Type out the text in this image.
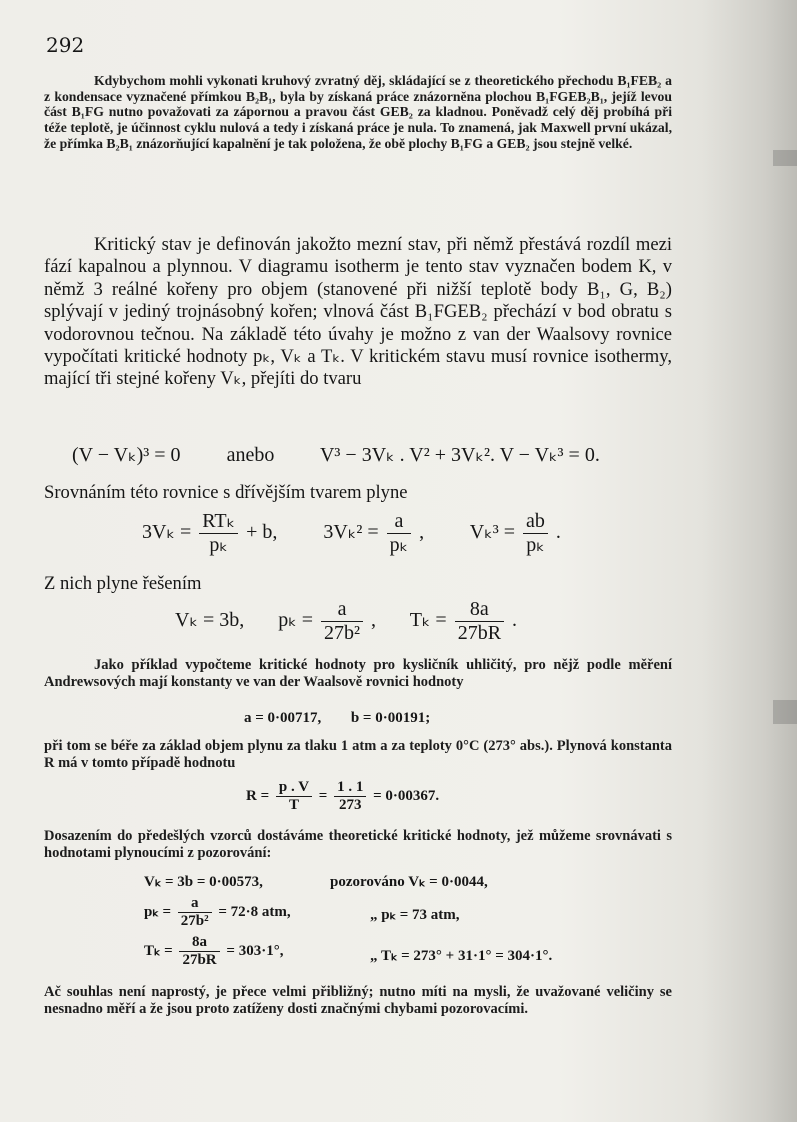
292

Kdybychom mohli vykonati kruhový zvratný děj, skládající se z theoretického přechodu B₁FEB₂ a z kondensace vyznačené přímkou B₂B₁, byla by získaná práce znázorněna plochou B₁FGEB₂B₁, jejíž levou část B₁FG nutno považovati za zápornou a pravou část GEB₂ za kladnou. Poněvadž celý děj probíhá při téže teplotě, je účinnost cyklu nulová a tedy i získaná práce je nula. To znamená, jak Maxwell první ukázal, že přímka B₂B₁ znázorňující kapalnění je tak položena, že obě plochy B₁FG a GEB₂ jsou stejně velké.

Kritický stav je definován jakožto mezní stav, při němž přestává rozdíl mezi fází kapalnou a plynnou. V diagramu isotherm je tento stav vyznačen bodem K, v němž 3 reálné kořeny pro objem (stanovené při nižší teplotě body B₁, G, B₂) splývají v jediný trojnásobný kořen; vlnová část B₁FGEB₂ přechází v bod obratu s vodorovnou tečnou. Na základě této úvahy je možno z van der Waalsovy rovnice vypočítati kritické hodnoty pₖ, Vₖ a Tₖ. V kritickém stavu musí rovnice isothermy, mající tři stejné kořeny Vₖ, přejíti do tvaru

(V − Vₖ)³ = 0 anebo V³ − 3Vₖ . V² + 3Vₖ². V − Vₖ³ = 0.

Srovnáním této rovnice s dřívějším tvarem plyne

$3V_k = \frac{\text{RTₖ}}{\text{pₖ}} + b$, $3V_k^2 = \frac{a}{\text{pₖ}}$ , $V_k^3 = \frac{ab}{\text{pₖ}}$ .

Z nich plyne řešením

Vₖ = 3b, $p_k = \frac{a}{\text{27b²}}$ , $T_k = \frac{8a}{27bR}$ .

Jako příklad vypočteme kritické hodnoty pro kysličník uhličitý, pro nějž podle měření Andrewsových mají konstanty ve van der Waalsově rovnici hodnoty

a = 0·00717, b = 0·00191;

při tom se béře za základ objem plynu za tlaku 1 atm a za teploty 0°C (273° abs.). Plynová konstanta R má v tomto případě hodnotu

$R = \frac{p . V}{T} = \frac{1 . 1}{273} = 0\cdot 00367$.

Dosazením do předešlých vzorců dostáváme theoretické kritické hodnoty, jež můžeme srovnávati s hodnotami plynoucími z pozorování:

Vₖ = 3b = 0·00573,	pozorováno Vₖ = 0·0044,
$p_k = \frac{a}{\text{27b²}} = 72\cdot 8$ atm,	„ pₖ = 73 atm,
$T_k = \frac{8a}{27bR} = 303\cdot 1^\circ$,	„ Tₖ = 273° + 31·1° = 304·1°.

Ač souhlas není naprostý, je přece velmi přibližný; nutno míti na mysli, že uvažované veličiny se nesnadno měří a že jsou proto zatíženy dosti značnými chybami pozorovacími.
